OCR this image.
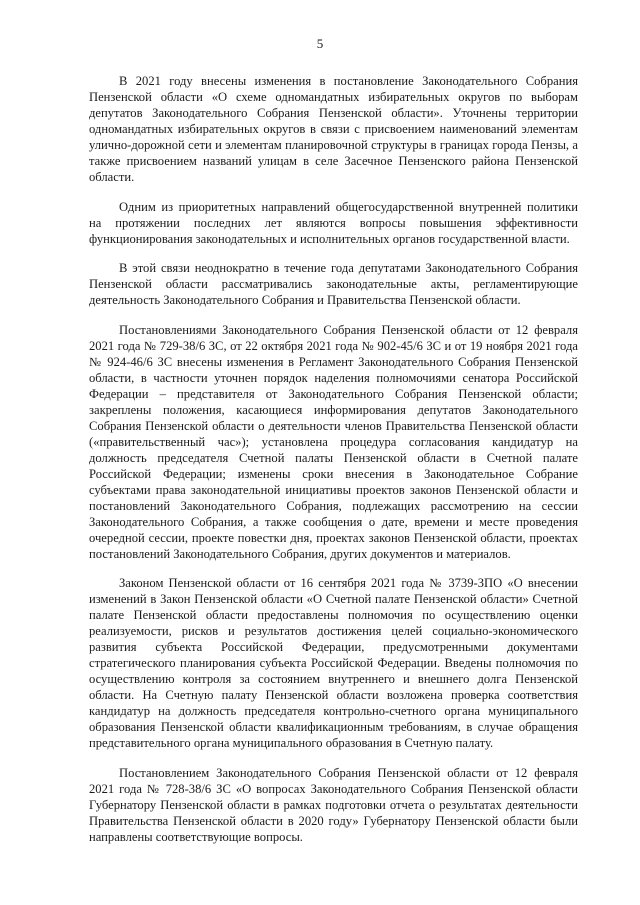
5

В 2021 году внесены изменения в постановление Законодательного Собрания Пензенской области «О схеме одномандатных избирательных округов по выборам депутатов Законодательного Собрания Пензенской области». Уточнены территории одномандатных избирательных округов в связи с присвоением наименований элементам улично-дорожной сети и элементам планировочной структуры в границах города Пензы, а также присвоением названий улицам в селе Засечное Пензенского района Пензенской области.

Одним из приоритетных направлений общегосударственной внутренней политики на протяжении последних лет являются вопросы повышения эффективности функционирования законодательных и исполнительных органов государственной власти.

В этой связи неоднократно в течение года депутатами Законодательного Собрания Пензенской области рассматривались законодательные акты, регламентирующие деятельность Законодательного Собрания и Правительства Пензенской области.

Постановлениями Законодательного Собрания Пензенской области от 12 февраля 2021 года № 729-38/6 ЗС, от 22 октября 2021 года № 902-45/6 ЗС и от 19 ноября 2021 года № 924-46/6 ЗС внесены изменения в Регламент Законодательного Собрания Пензенской области, в частности уточнен порядок наделения полномочиями сенатора Российской Федерации – представителя от Законодательного Собрания Пензенской области; закреплены положения, касающиеся информирования депутатов Законодательного Собрания Пензенской области о деятельности членов Правительства Пензенской области («правительственный час»); установлена процедура согласования кандидатур на должность председателя Счетной палаты Пензенской области в Счетной палате Российской Федерации; изменены сроки внесения в Законодательное Собрание субъектами права законодательной инициативы проектов законов Пензенской области и постановлений Законодательного Собрания, подлежащих рассмотрению на сессии Законодательного Собрания, а также сообщения о дате, времени и месте проведения очередной сессии, проекте повестки дня, проектах законов Пензенской области, проектах постановлений Законодательного Собрания, других документов и материалов.

Законом Пензенской области от 16 сентября 2021 года № 3739-ЗПО «О внесении изменений в Закон Пензенской области «О Счетной палате Пензенской области» Счетной палате Пензенской области предоставлены полномочия по осуществлению оценки реализуемости, рисков и результатов достижения целей социально-экономического развития субъекта Российской Федерации, предусмотренными документами стратегического планирования субъекта Российской Федерации. Введены полномочия по осуществлению контроля за состоянием внутреннего и внешнего долга Пензенской области. На Счетную палату Пензенской области возложена проверка соответствия кандидатур на должность председателя контрольно-счетного органа муниципального образования Пензенской области квалификационным требованиям, в случае обращения представительного органа муниципального образования в Счетную палату.

Постановлением Законодательного Собрания Пензенской области от 12 февраля 2021 года № 728-38/6 ЗС «О вопросах Законодательного Собрания Пензенской области Губернатору Пензенской области в рамках подготовки отчета о результатах деятельности Правительства Пензенской области в 2020 году» Губернатору Пензенской области были направлены соответствующие вопросы.
